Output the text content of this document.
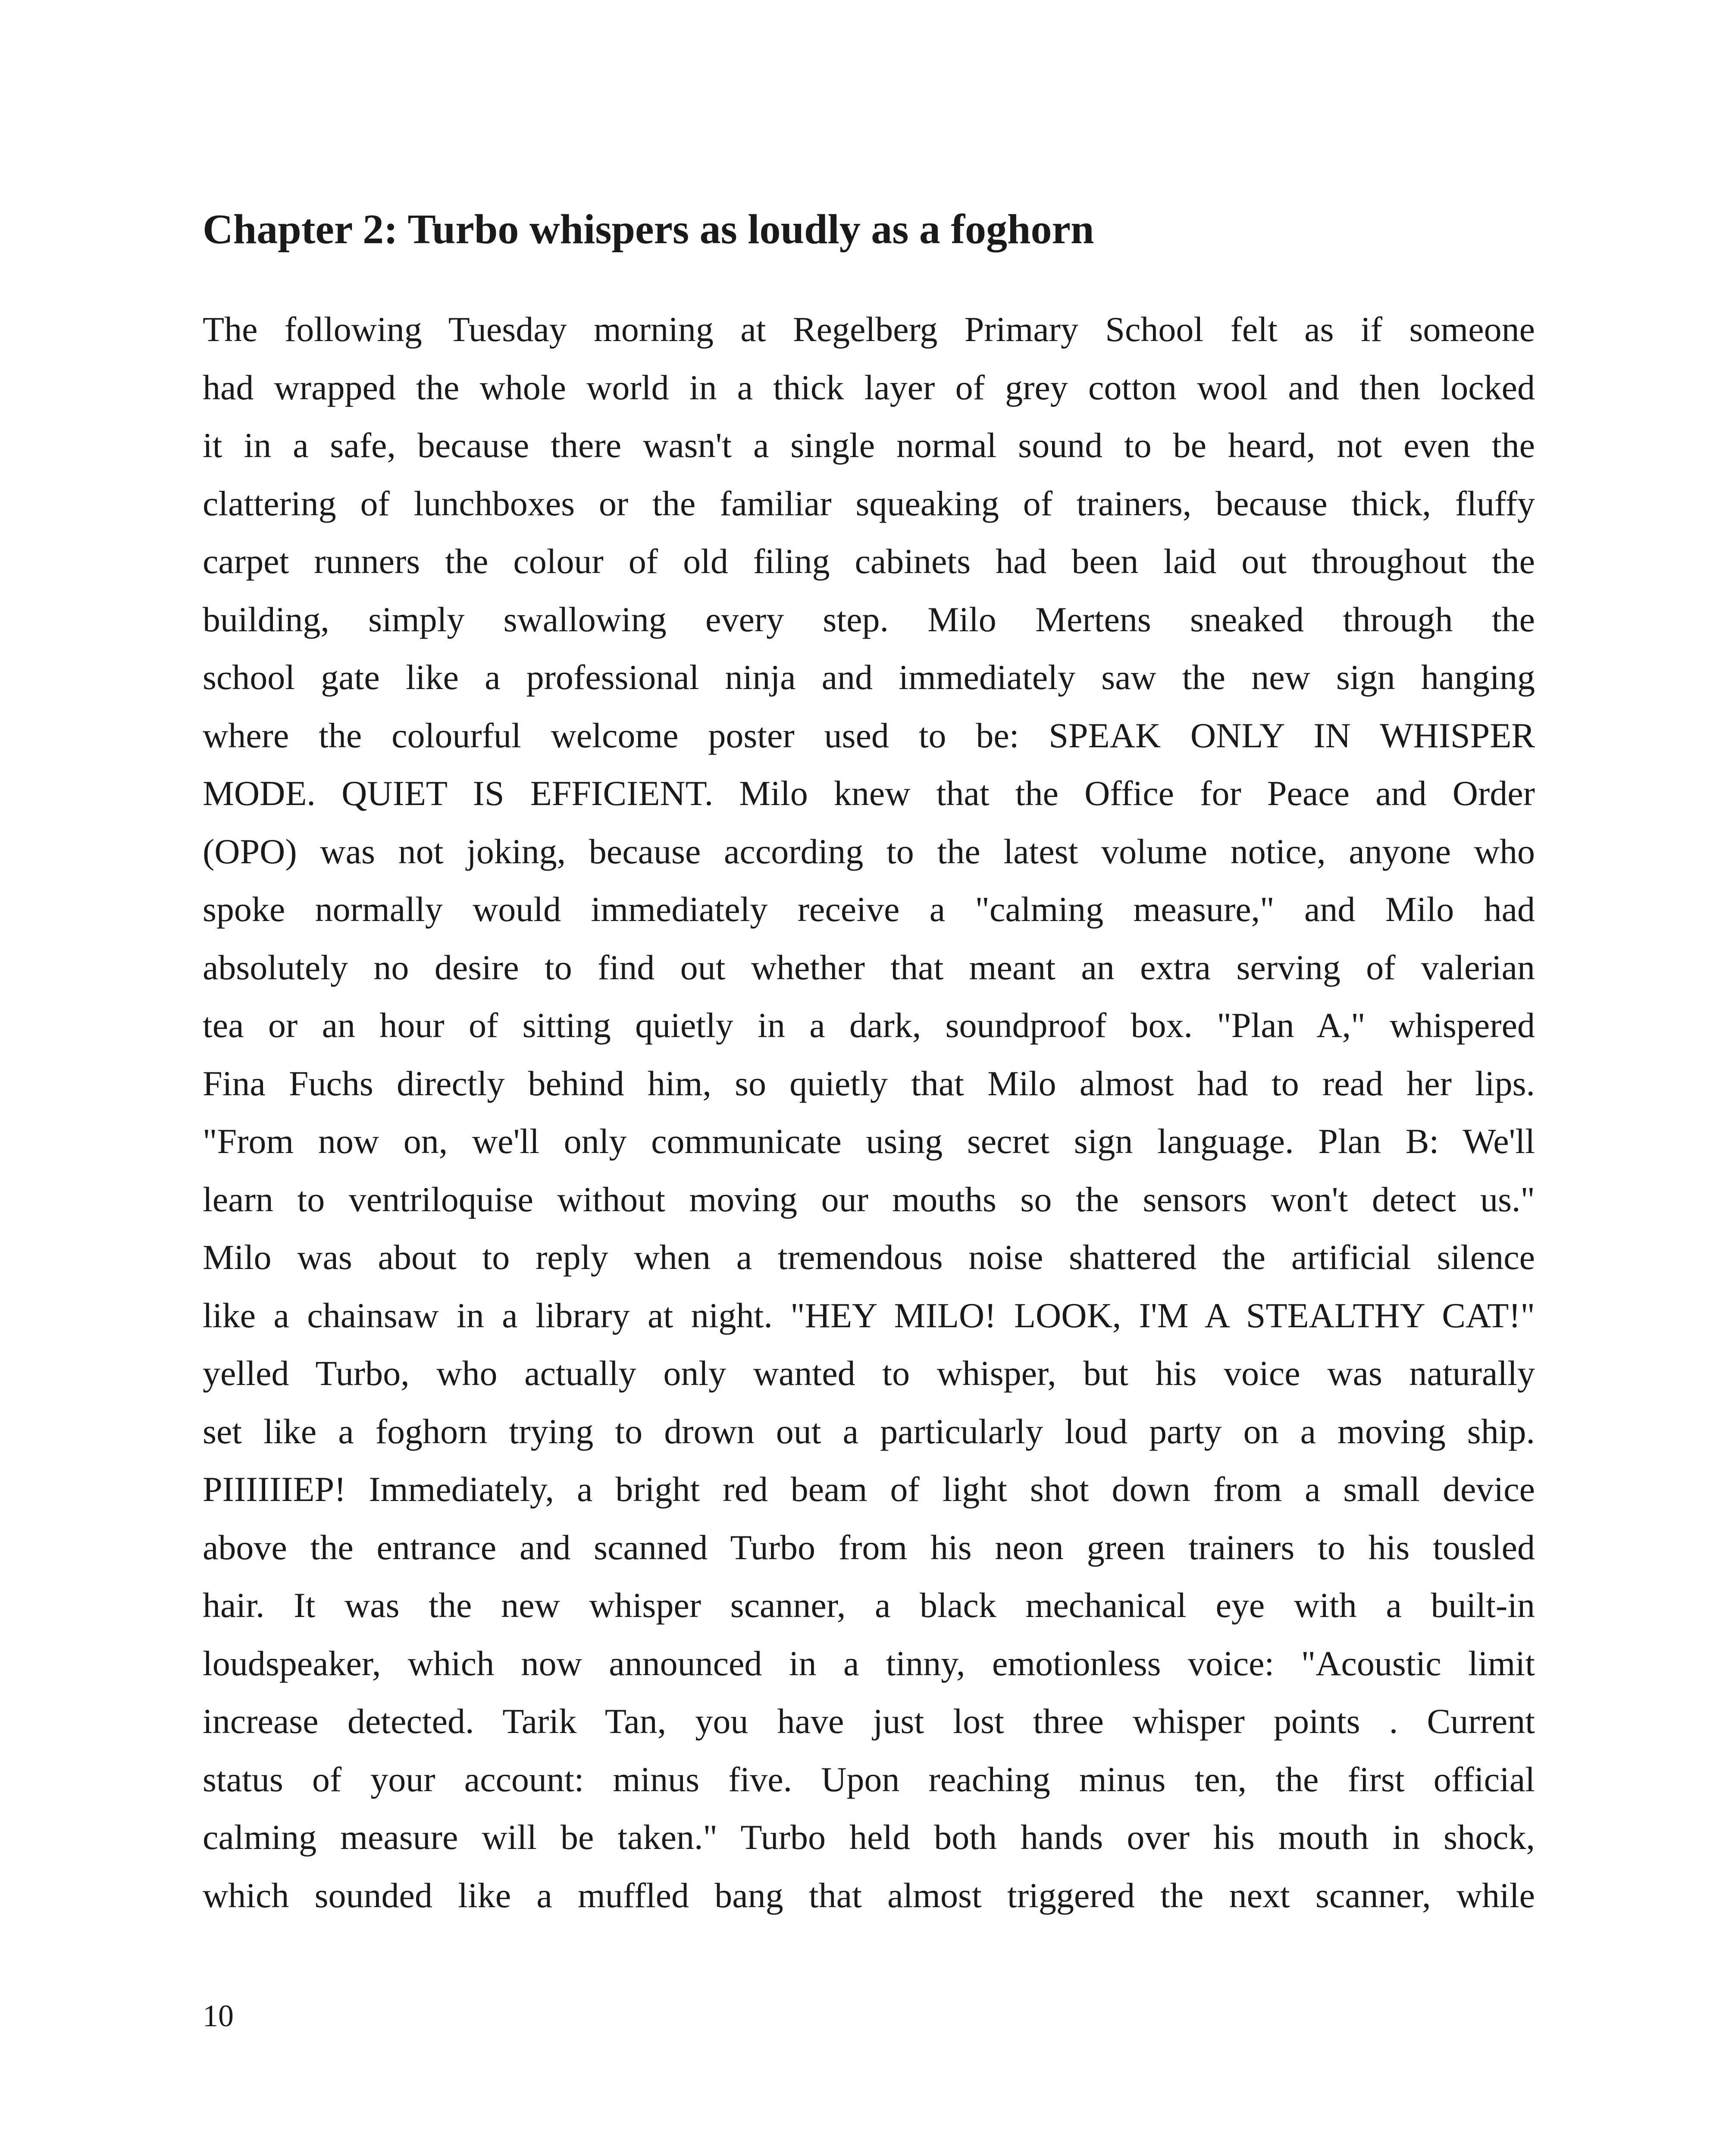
Chapter 2: Turbo whispers as loudly as a foghorn
The following Tuesday morning at Regelberg Primary School felt as if someone
had wrapped the whole world in a thick layer of grey cotton wool and then locked
it in a safe, because there wasn't a single normal sound to be heard, not even the
clattering of lunchboxes or the familiar squeaking of trainers, because thick, fluffy
carpet runners the colour of old filing cabinets had been laid out throughout the
building, simply swallowing every step. Milo Mertens sneaked through the
school gate like a professional ninja and immediately saw the new sign hanging
where the colourful welcome poster used to be: SPEAK ONLY IN WHISPER
MODE. QUIET IS EFFICIENT. Milo knew that the Office for Peace and Order
(OPO) was not joking, because according to the latest volume notice, anyone who
spoke normally would immediately receive a "calming measure," and Milo had
absolutely no desire to find out whether that meant an extra serving of valerian
tea or an hour of sitting quietly in a dark, soundproof box. "Plan A," whispered
Fina Fuchs directly behind him, so quietly that Milo almost had to read her lips.
"From now on, we'll only communicate using secret sign language. Plan B: We'll
learn to ventriloquise without moving our mouths so the sensors won't detect us."
Milo was about to reply when a tremendous noise shattered the artificial silence
like a chainsaw in a library at night. "HEY MILO! LOOK, I'M A STEALTHY CAT!"
yelled Turbo, who actually only wanted to whisper, but his voice was naturally
set like a foghorn trying to drown out a particularly loud party on a moving ship.
PIIIIIIEP! Immediately, a bright red beam of light shot down from a small device
above the entrance and scanned Turbo from his neon green trainers to his tousled
hair. It was the new whisper scanner, a black mechanical eye with a built-in
loudspeaker, which now announced in a tinny, emotionless voice: "Acoustic limit
increase detected. Tarik Tan, you have just lost three whisper points . Current
status of your account: minus five. Upon reaching minus ten, the first official
calming measure will be taken." Turbo held both hands over his mouth in shock,
which sounded like a muffled bang that almost triggered the next scanner, while
10
